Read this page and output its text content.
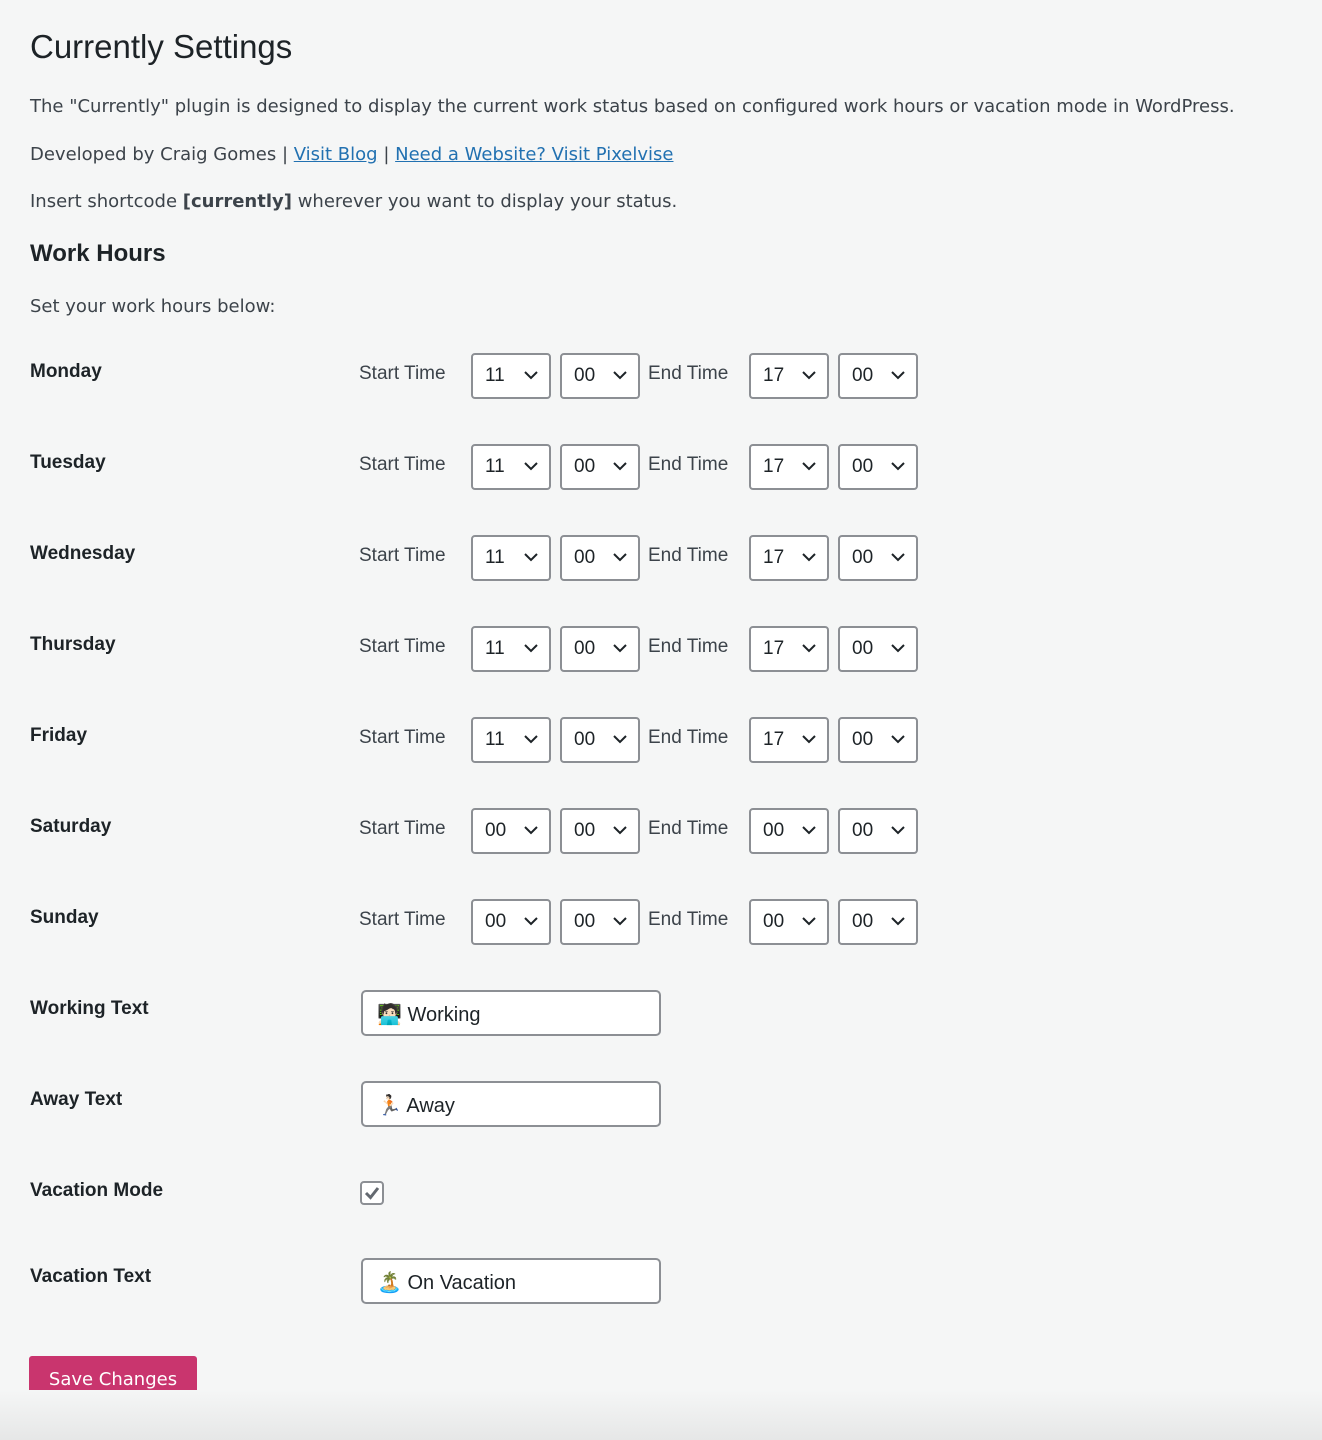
Currently Settings
The "Currently" plugin is designed to display the current work status based on configured work hours or vacation mode in WordPress.
Developed by Craig Gomes | Visit Blog | Need a Website? Visit Pixelvise
Insert shortcode [currently] wherever you want to display your status.
Work Hours
Set your work hours below:
Monday	Start Time 11	00	End Time 17	00
Tuesday	Start Time 11	00	End Time 17	00
Wednesday	Start Time 11	00	End Time 17	00
Thursday	Start Time 11	00	End Time 17	00
Friday	Start Time 11	00	End Time 17	00
Saturday	Start Time 00	00	End Time 00	00
Sunday	Start Time 00	00	End Time 00	00
Working Text	🧑🏻‍💻 Working
Away Text	🏃🏻 Away
Vacation Mode
Vacation Text	🏝️ On Vacation
Save Changes
